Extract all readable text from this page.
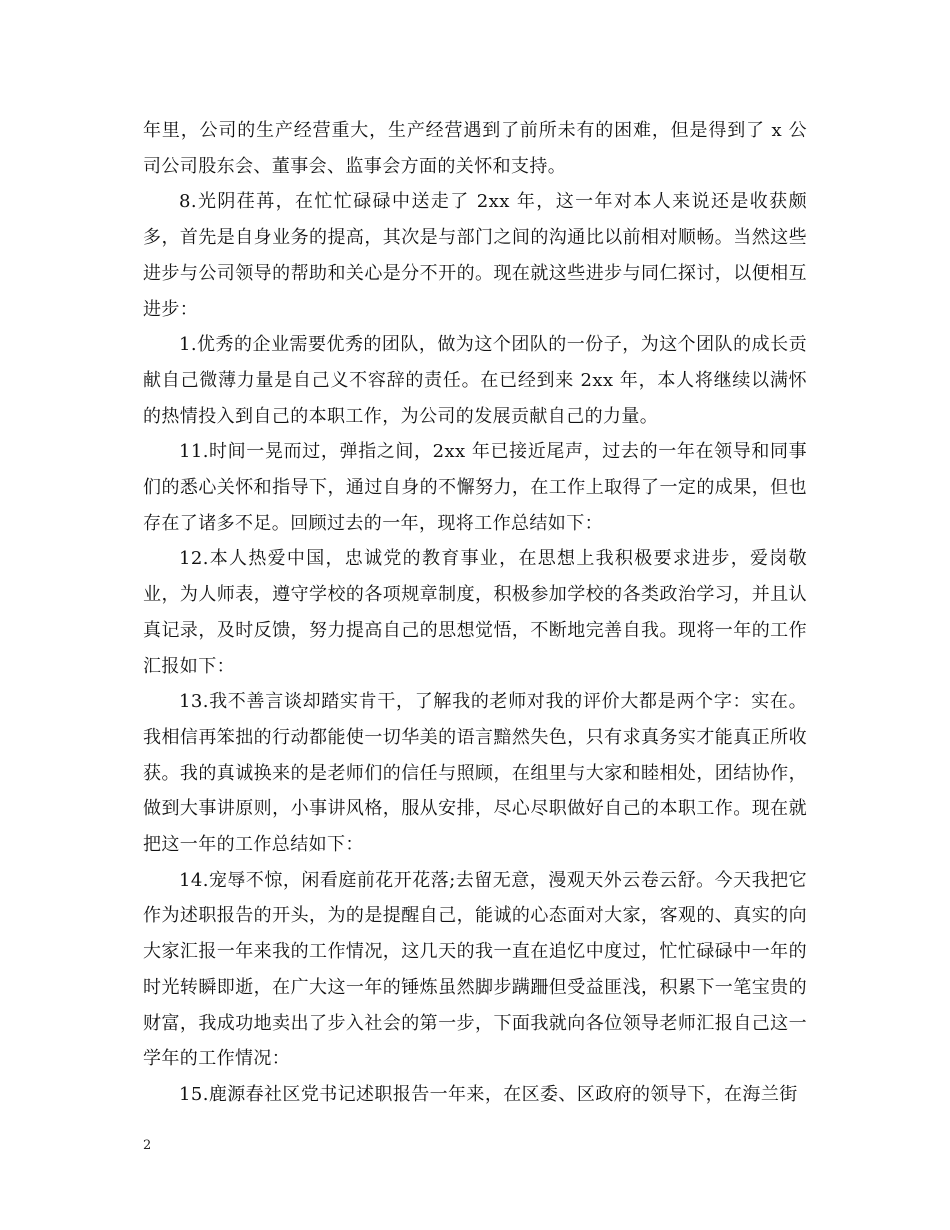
年里，公司的生产经营重大，生产经营遇到了前所未有的困难，但是得到了 x 公司公司股东会、董事会、监事会方面的关怀和支持。

8.光阴荏苒，在忙忙碌碌中送走了 2xx 年，这一年对本人来说还是收获颇多，首先是自身业务的提高，其次是与部门之间的沟通比以前相对顺畅。当然这些进步与公司领导的帮助和关心是分不开的。现在就这些进步与同仁探讨，以便相互进步：

1.优秀的企业需要优秀的团队，做为这个团队的一份子，为这个团队的成长贡献自己微薄力量是自己义不容辞的责任。在已经到来 2xx 年，本人将继续以满怀的热情投入到自己的本职工作，为公司的发展贡献自己的力量。

11.时间一晃而过，弹指之间，2xx 年已接近尾声，过去的一年在领导和同事们的悉心关怀和指导下，通过自身的不懈努力，在工作上取得了一定的成果，但也存在了诸多不足。回顾过去的一年，现将工作总结如下：

12.本人热爱中国，忠诚党的教育事业，在思想上我积极要求进步，爱岗敬业，为人师表，遵守学校的各项规章制度，积极参加学校的各类政治学习，并且认真记录，及时反馈，努力提高自己的思想觉悟，不断地完善自我。现将一年的工作汇报如下：

13.我不善言谈却踏实肯干，了解我的老师对我的评价大都是两个字：实在。我相信再笨拙的行动都能使一切华美的语言黯然失色，只有求真务实才能真正所收获。我的真诚换来的是老师们的信任与照顾，在组里与大家和睦相处，团结协作，做到大事讲原则，小事讲风格，服从安排，尽心尽职做好自己的本职工作。现在就把这一年的工作总结如下：

14.宠辱不惊，闲看庭前花开花落;去留无意，漫观天外云卷云舒。今天我把它作为述职报告的开头，为的是提醒自己，能诚的心态面对大家，客观的、真实的向大家汇报一年来我的工作情况，这几天的我一直在追忆中度过，忙忙碌碌中一年的时光转瞬即逝，在广大这一年的锤炼虽然脚步蹒跚但受益匪浅，积累下一笔宝贵的财富，我成功地卖出了步入社会的第一步，下面我就向各位领导老师汇报自己这一学年的工作情况：

15.鹿源春社区党书记述职报告一年来，在区委、区政府的领导下，在海兰街

2
